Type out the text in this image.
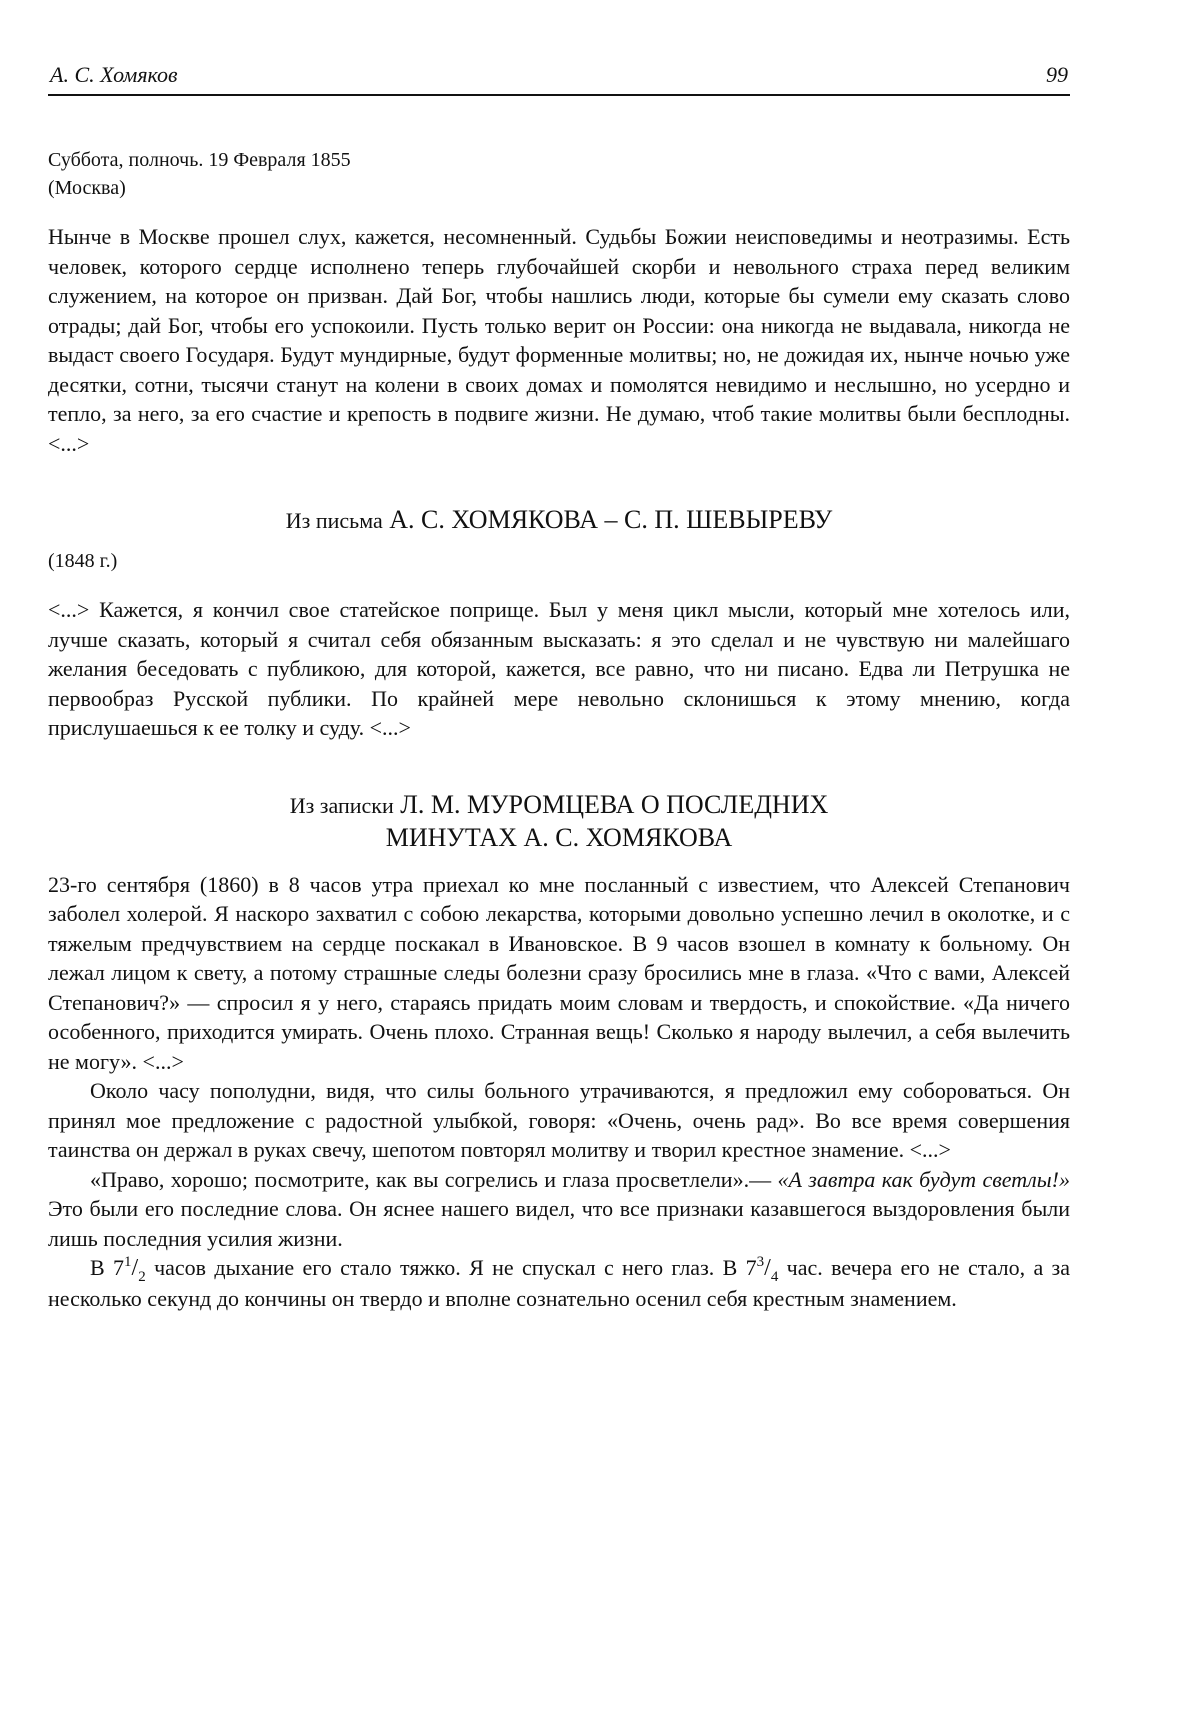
А. С. Хомяков	99
Суббота, полночь. 19 Февраля 1855
(Москва)

Нынче в Москве прошел слух, кажется, несомненный. Судьбы Божии неисповедимы и неотразимы. Есть человек, которого сердце исполнено теперь глубочайшей скорби и невольного страха перед великим служением, на которое он призван. Дай Бог, чтобы нашлись люди, которые бы сумели ему сказать слово отрады; дай Бог, чтобы его успокоили. Пусть только верит он России: она никогда не выдавала, никогда не выдаст своего Государя. Будут мундирные, будут форменные молитвы; но, не дожидая их, нынче ночью уже десятки, сотни, тысячи станут на колени в своих домах и помолятся невидимо и неслышно, но усердно и тепло, за него, за его счастие и крепость в подвиге жизни. Не думаю, чтоб такие молитвы были бесплодны. <...>

Из письма А. С. ХОМЯКОВА – С. П. ШЕВЫРЕВУ
(1848 г.)

<...> Кажется, я кончил свое статейское поприще. Был у меня цикл мысли, который мне хотелось или, лучше сказать, который я считал себя обязанным высказать: я это сделал и не чувствую ни малейшаго желания беседовать с публикою, для которой, кажется, все равно, что ни писано. Едва ли Петрушка не первообраз Русской публики. По крайней мере невольно склонишься к этому мнению, когда прислушаешься к ее толку и суду. <...>

Из записки Л. М. МУРОМЦЕВА О ПОСЛЕДНИХ
МИНУТАХ А. С. ХОМЯКОВА

23-го сентября (1860) в 8 часов утра приехал ко мне посланный с известием, что Алексей Степанович заболел холерой. Я наскоро захватил с собою лекарства, которыми довольно успешно лечил в околотке, и с тяжелым предчувствием на сердце поскакал в Ивановское. В 9 часов взошел в комнату к больному. Он лежал лицом к свету, а потому страшные следы болезни сразу бросились мне в глаза. «Что с вами, Алексей Степанович?» — спросил я у него, стараясь придать моим словам и твердость, и спокойствие. «Да ничего особенного, приходится умирать. Очень плохо. Странная вещь! Сколько я народу вылечил, а себя вылечить не могу». <...>

Около часу пополудни, видя, что силы больного утрачиваются, я предложил ему собороваться. Он принял мое предложение с радостной улыбкой, говоря: «Очень, очень рад». Во все время совершения таинства он держал в руках свечу, шепотом повторял молитву и творил крестное знамение. <...>

«Право, хорошо; посмотрите, как вы согрелись и глаза просветлели».— «А завтра как будут светлы!» Это были его последние слова. Он яснее нашего видел, что все признаки казавшегося выздоровления были лишь последния усилия жизни.

В $7^1/_2$ часов дыхание его стало тяжко. Я не спускал с него глаз. В $7^3/_4$ час. вечера его не стало, а за несколько секунд до кончины он твердо и вполне сознательно осенил себя крестным знамением.
